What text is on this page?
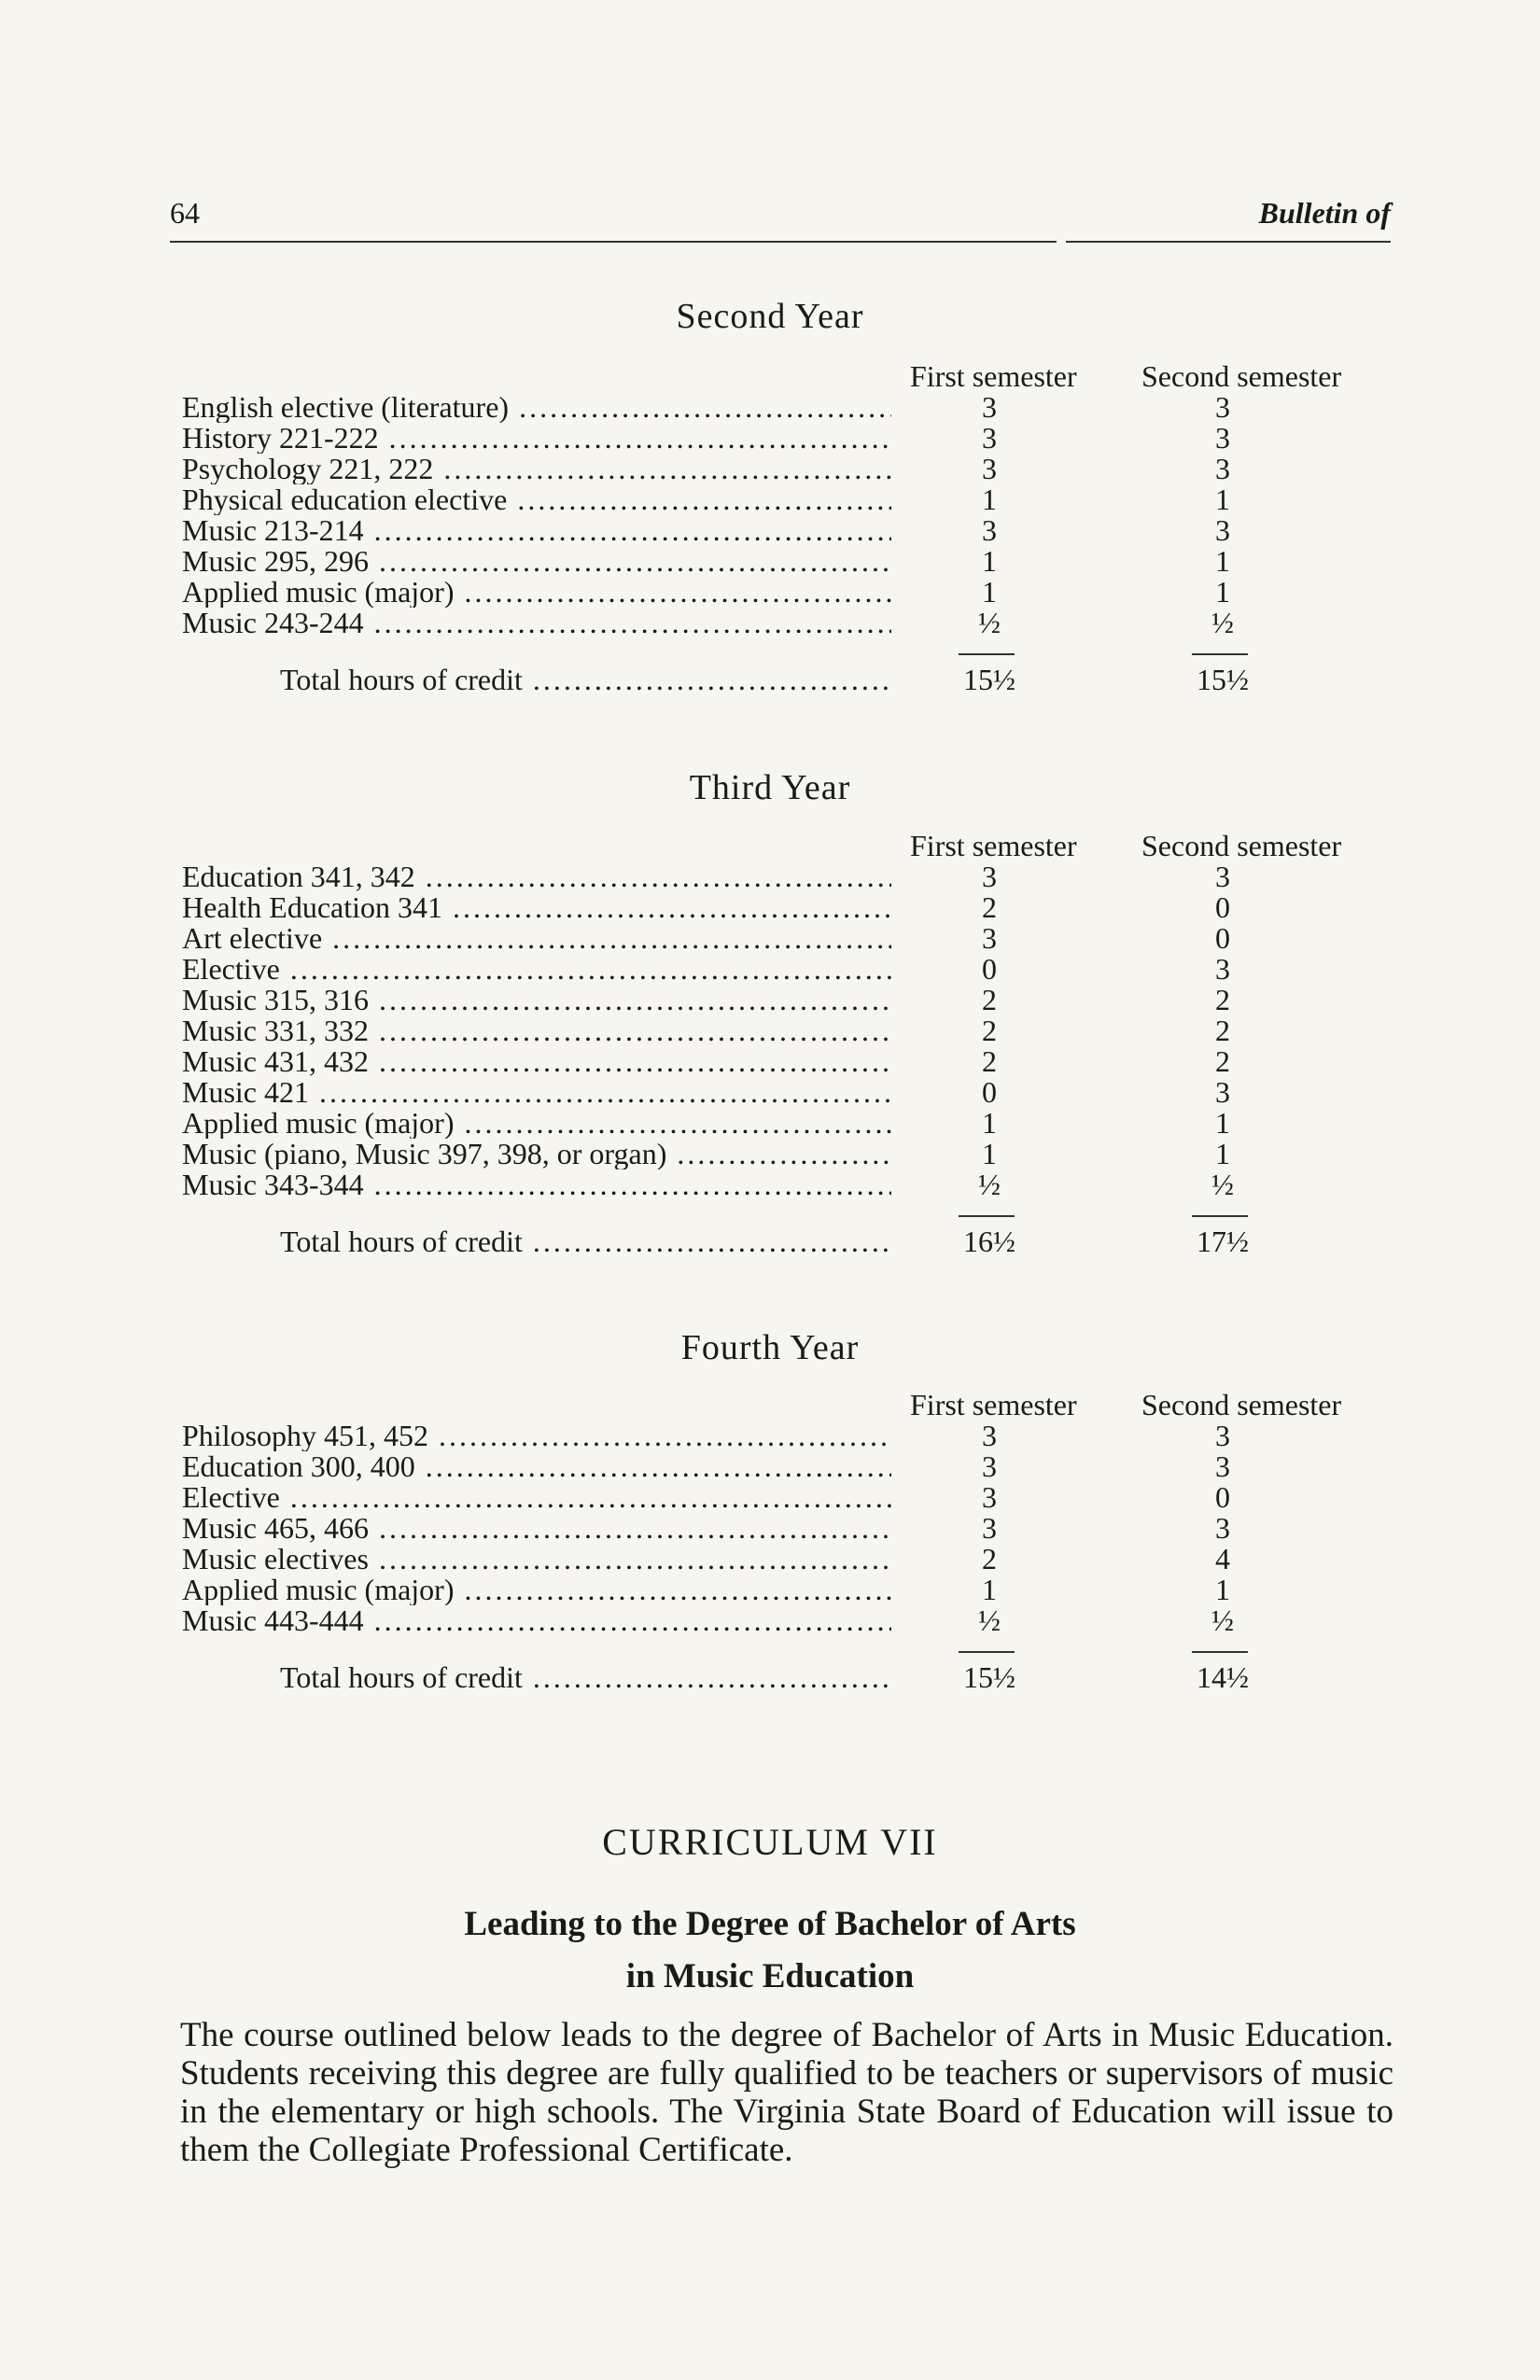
64	Bulletin of
Second Year
First semester Second semester
English elective (literature) .....	3	3
History 221-222 .....	3	3
Psychology 221, 222 .....	3	3
Physical education elective .....	1	1
Music 213-214 .....	3	3
Music 295, 296 .....	1	1
Applied music (major) .....	1	1
Music 243-244 .....	½	½
Total hours of credit .....	15½	15½
Third Year
First semester Second semester
Education 341, 342 .....	3	3
Health Education 341 .....	2	0
Art elective .....	3	0
Elective .....	0	3
Music 315, 316 .....	2	2
Music 331, 332 .....	2	2
Music 431, 432 .....	2	2
Music 421 .....	0	3
Applied music (major) .....	1	1
Music (piano, Music 397, 398, or organ) .....	1	1
Music 343-344 .....	½	½
Total hours of credit .....	16½	17½
Fourth Year
First semester Second semester
Philosophy 451, 452 .....	3	3
Education 300, 400 .....	3	3
Elective .....	3	0
Music 465, 466 .....	3	3
Music electives .....	2	4
Applied music (major) .....	1	1
Music 443-444 .....	½	½
Total hours of credit .....	15½	14½
CURRICULUM VII
Leading to the Degree of Bachelor of Arts
in Music Education
The course outlined below leads to the degree of Bachelor of Arts in Music Education. Students receiving this degree are fully qualified to be teachers or supervisors of music in the elementary or high schools. The Virginia State Board of Education will issue to them the Collegiate Professional Certificate.
